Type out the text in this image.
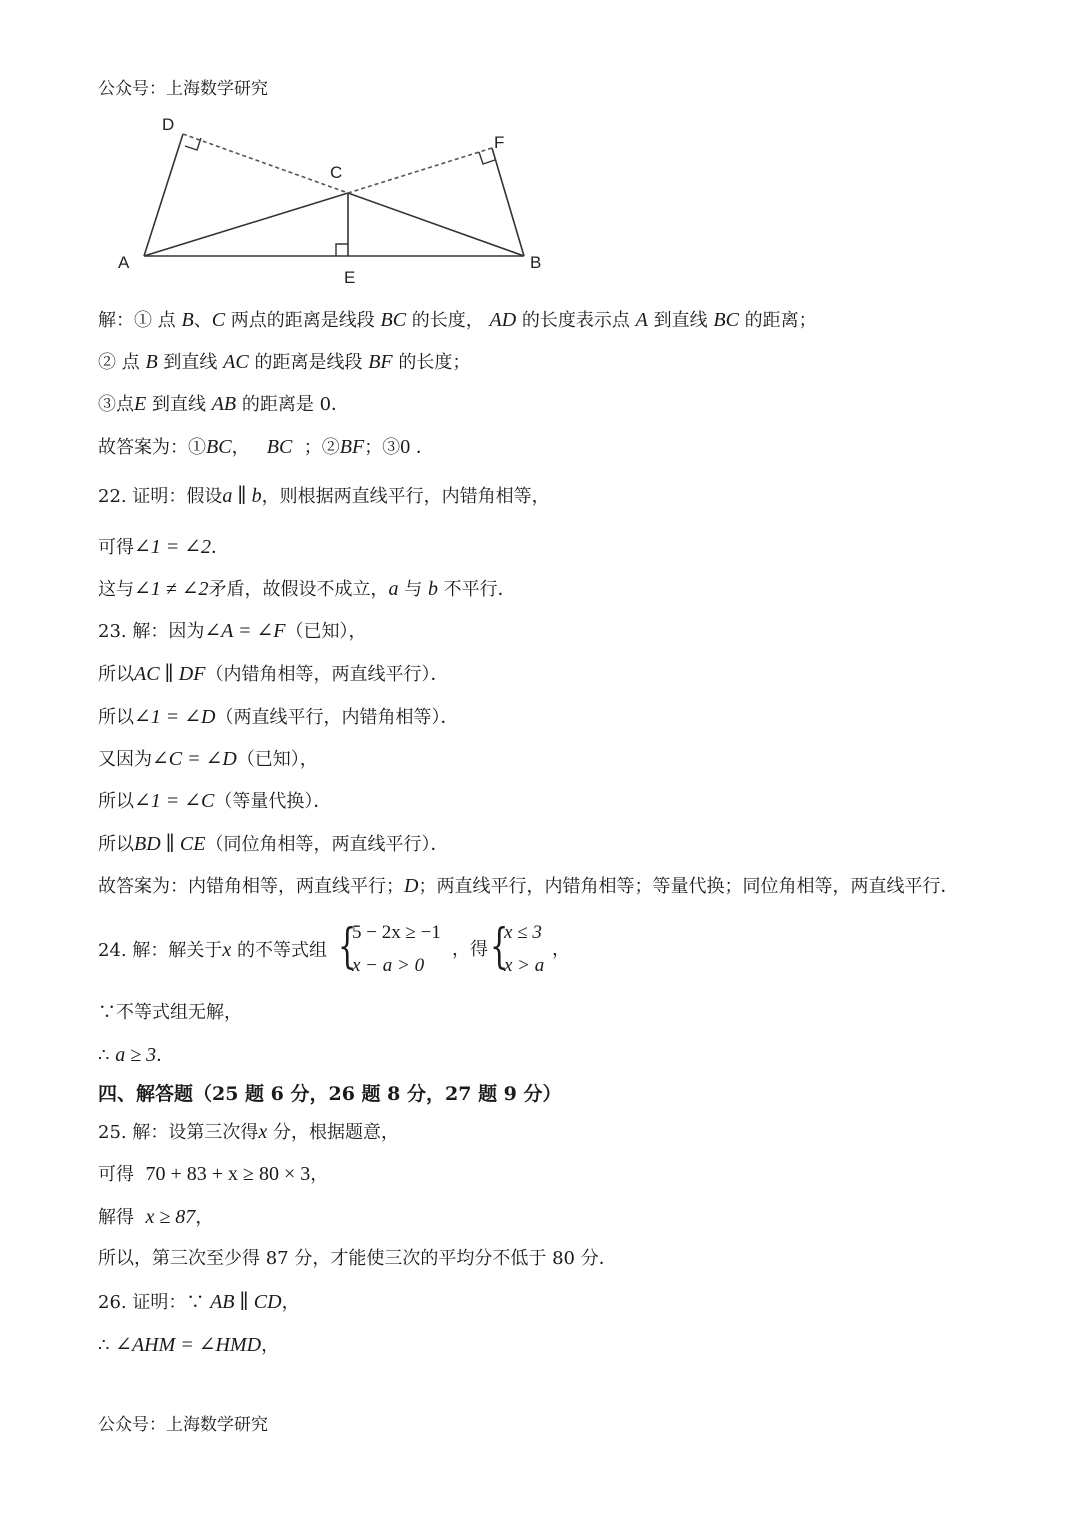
公众号：上海数学研究
D
F
C
A
E
B
解：① 点 B、C 两点的距离是线段 BC 的长度， AD 的长度表示点 A 到直线 BC 的距离；
② 点 B 到直线 AC 的距离是线段 BF 的长度；
③点E 到直线 AB 的距离是 0．
故答案为：①BC， BC ；②BF；③0 ．
22. 证明：假设a ∥ b，则根据两直线平行，内错角相等，
可得∠1 = ∠2．
这与∠1 ≠ ∠2矛盾，故假设不成立，a 与 b 不平行．
23. 解：因为∠A = ∠F（已知），
所以AC ∥ DF（内错角相等，两直线平行）．
所以∠1 = ∠D（两直线平行，内错角相等）．
又因为∠C = ∠D（已知），
所以∠1 = ∠C（等量代换）．
所以BD ∥ CE（同位角相等，两直线平行）．
故答案为：内错角相等，两直线平行；D；两直线平行，内错角相等；等量代换；同位角相等，两直线平行．
24. 解：解关于x 的不等式组 {
5 − 2x ≥ −1
x − a > 0
，得 {
x ≤ 3
x > a
，
∵不等式组无解，
∴ a ≥ 3．
四、解答题（25 题 6 分，26 题 8 分，27 题 9 分）
25. 解：设第三次得x 分，根据题意，
可得 70 + 83 + x ≥ 80 × 3，
解得 x ≥ 87，
所以，第三次至少得 87 分，才能使三次的平均分不低于 80 分．
26. 证明：∵ AB ∥ CD，
∴ ∠AHM = ∠HMD，
公众号：上海数学研究
